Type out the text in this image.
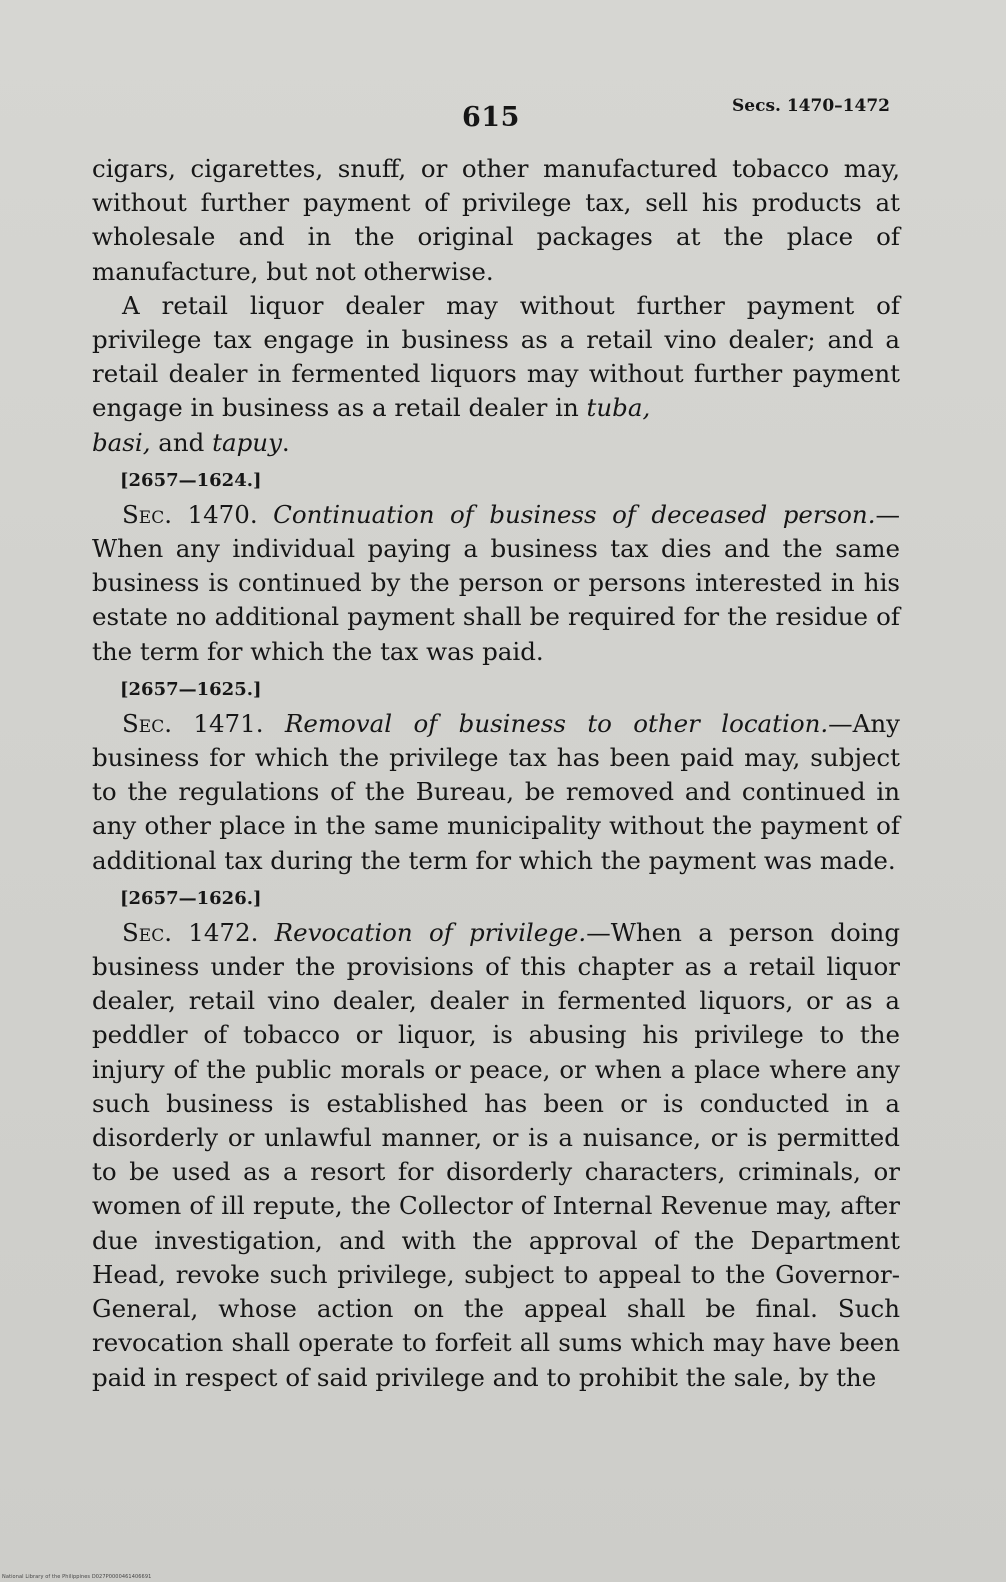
615	Secs. 1470–1472

cigars, cigarettes, snuff, or other manufactured tobacco may, without further payment of privilege tax, sell his products at wholesale and in the original packages at the place of manufacture, but not otherwise.

A retail liquor dealer may without further payment of privilege tax engage in business as a retail vino dealer; and a retail dealer in fermented liquors may without further payment engage in business as a retail dealer in tuba,
basi, and tapuy.

[2657—1624.]

Sec. 1470. Continuation of business of deceased person.—When any individual paying a business tax dies and the same business is continued by the person or persons interested in his estate no additional payment shall be required for the residue of the term for which the tax was paid.

[2657—1625.]

Sec. 1471. Removal of business to other location.—Any business for which the privilege tax has been paid may, subject to the regulations of the Bureau, be removed and continued in any other place in the same municipality without the payment of additional tax during the term for which the payment was made.

[2657—1626.]

Sec. 1472. Revocation of privilege.—When a person doing business under the provisions of this chapter as a retail liquor dealer, retail vino dealer, dealer in fermented liquors, or as a peddler of tobacco or liquor, is abusing his privilege to the injury of the public morals or peace, or when a place where any such business is established has been or is conducted in a disorderly or unlawful manner, or is a nuisance, or is permitted to be used as a resort for disorderly characters, criminals, or women of ill repute, the Collector of Internal Revenue may, after due investigation, and with the approval of the Department Head, revoke such privilege, subject to appeal to the Governor-General, whose action on the appeal shall be final. Such revocation shall operate to forfeit all sums which may have been paid in respect of said privilege and to prohibit the sale, by the

National Library of the Philippines D027P0000461406691
